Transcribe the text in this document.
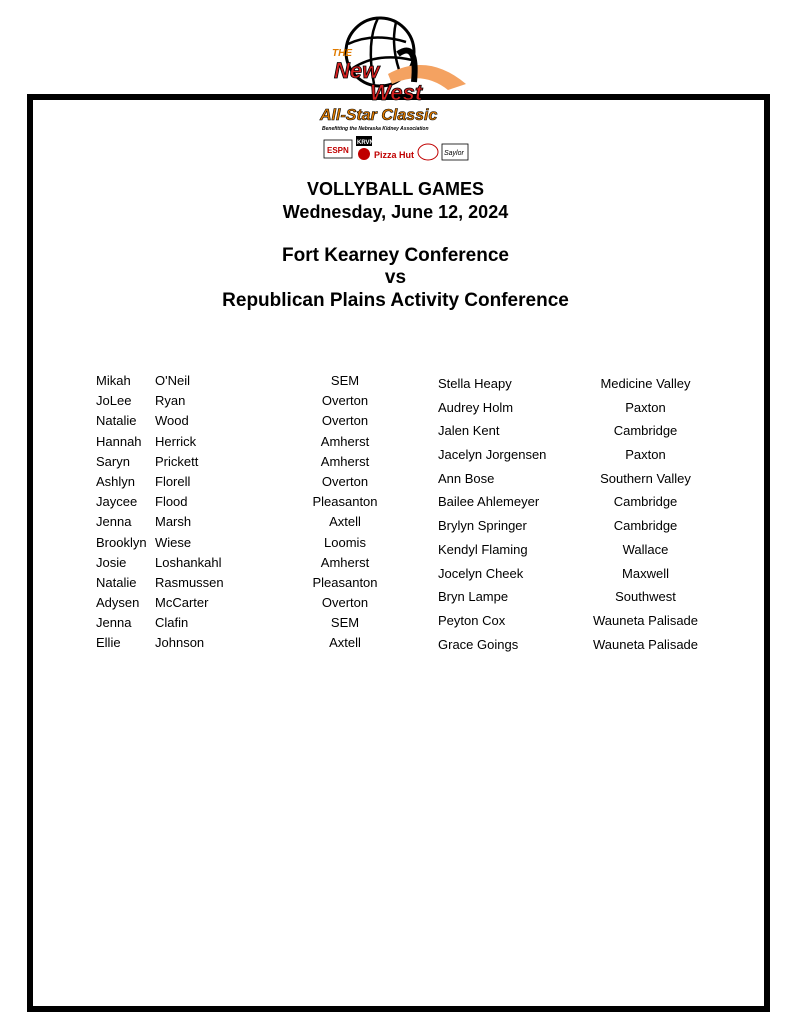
THE
New
West
All-Star Classic
Benefitting the Nebraska Kidney Association
ESPN
KRVN
Pizza Hut	Saylor
VOLLYBALL GAMES
Wednesday, June 12, 2024
Fort Kearney Conference
vs
Republican Plains Activity Conference
Mikah O'Neil	SEM
JoLee Ryan	Overton
Natalie Wood	Overton
Hannah Herrick	Amherst
Saryn Prickett	Amherst
Ashlyn Florell	Overton
Jaycee Flood	Pleasanton
Jenna Marsh	Axtell
Brooklyn Wiese	Loomis
Josie Loshankahl	Amherst
Natalie Rasmussen	Pleasanton
Adysen McCarter	Overton
Jenna Clafin	SEM
Ellie	Johnson	Axtell
Stella Heapy	Medicine Valley
Audrey Holm	Paxton
Jalen Kent	Cambridge
Jacelyn Jorgensen	Paxton
Ann Bose	Southern Valley
Bailee Ahlemeyer	Cambridge
Brylyn Springer	Cambridge
Kendyl Flaming	Wallace
Jocelyn Cheek	Maxwell
Bryn Lampe	Southwest
Peyton Cox	Wauneta Palisade
Grace Goings	Wauneta Palisade
